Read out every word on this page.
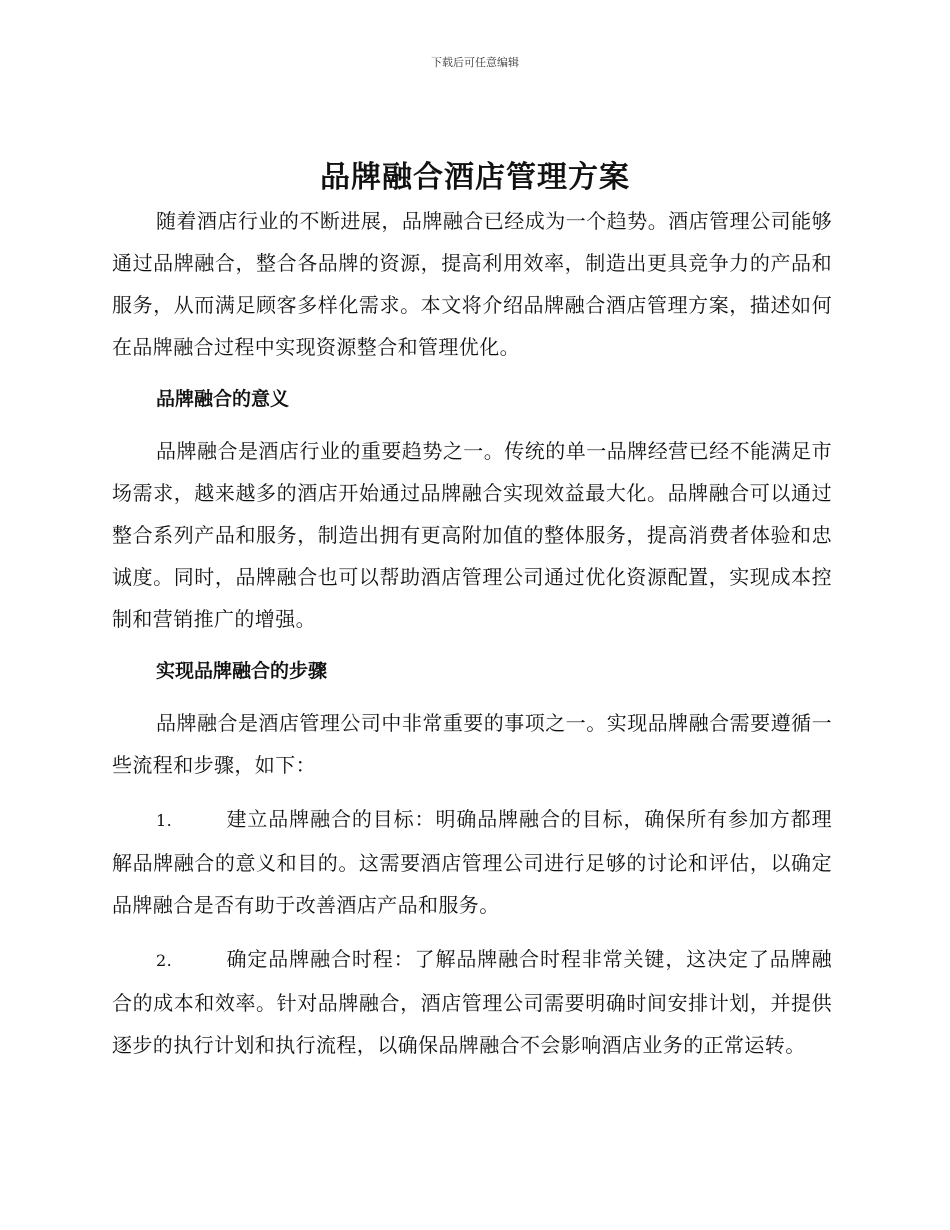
下载后可任意编辑
品牌融合酒店管理方案

随着酒店行业的不断进展，品牌融合已经成为一个趋势。酒店管理公司能够通过品牌融合，整合各品牌的资源，提高利用效率，制造出更具竞争力的产品和服务，从而满足顾客多样化需求。本文将介绍品牌融合酒店管理方案，描述如何在品牌融合过程中实现资源整合和管理优化。

品牌融合的意义

品牌融合是酒店行业的重要趋势之一。传统的单一品牌经营已经不能满足市场需求，越来越多的酒店开始通过品牌融合实现效益最大化。品牌融合可以通过整合系列产品和服务，制造出拥有更高附加值的整体服务，提高消费者体验和忠诚度。同时，品牌融合也可以帮助酒店管理公司通过优化资源配置，实现成本控制和营销推广的增强。

实现品牌融合的步骤

品牌融合是酒店管理公司中非常重要的事项之一。实现品牌融合需要遵循一些流程和步骤，如下：

1.	建立品牌融合的目标：明确品牌融合的目标，确保所有参加方都理解品牌融合的意义和目的。这需要酒店管理公司进行足够的讨论和评估，以确定品牌融合是否有助于改善酒店产品和服务。

2.	确定品牌融合时程：了解品牌融合时程非常关键，这决定了品牌融合的成本和效率。针对品牌融合，酒店管理公司需要明确时间安排计划，并提供逐步的执行计划和执行流程，以确保品牌融合不会影响酒店业务的正常运转。
